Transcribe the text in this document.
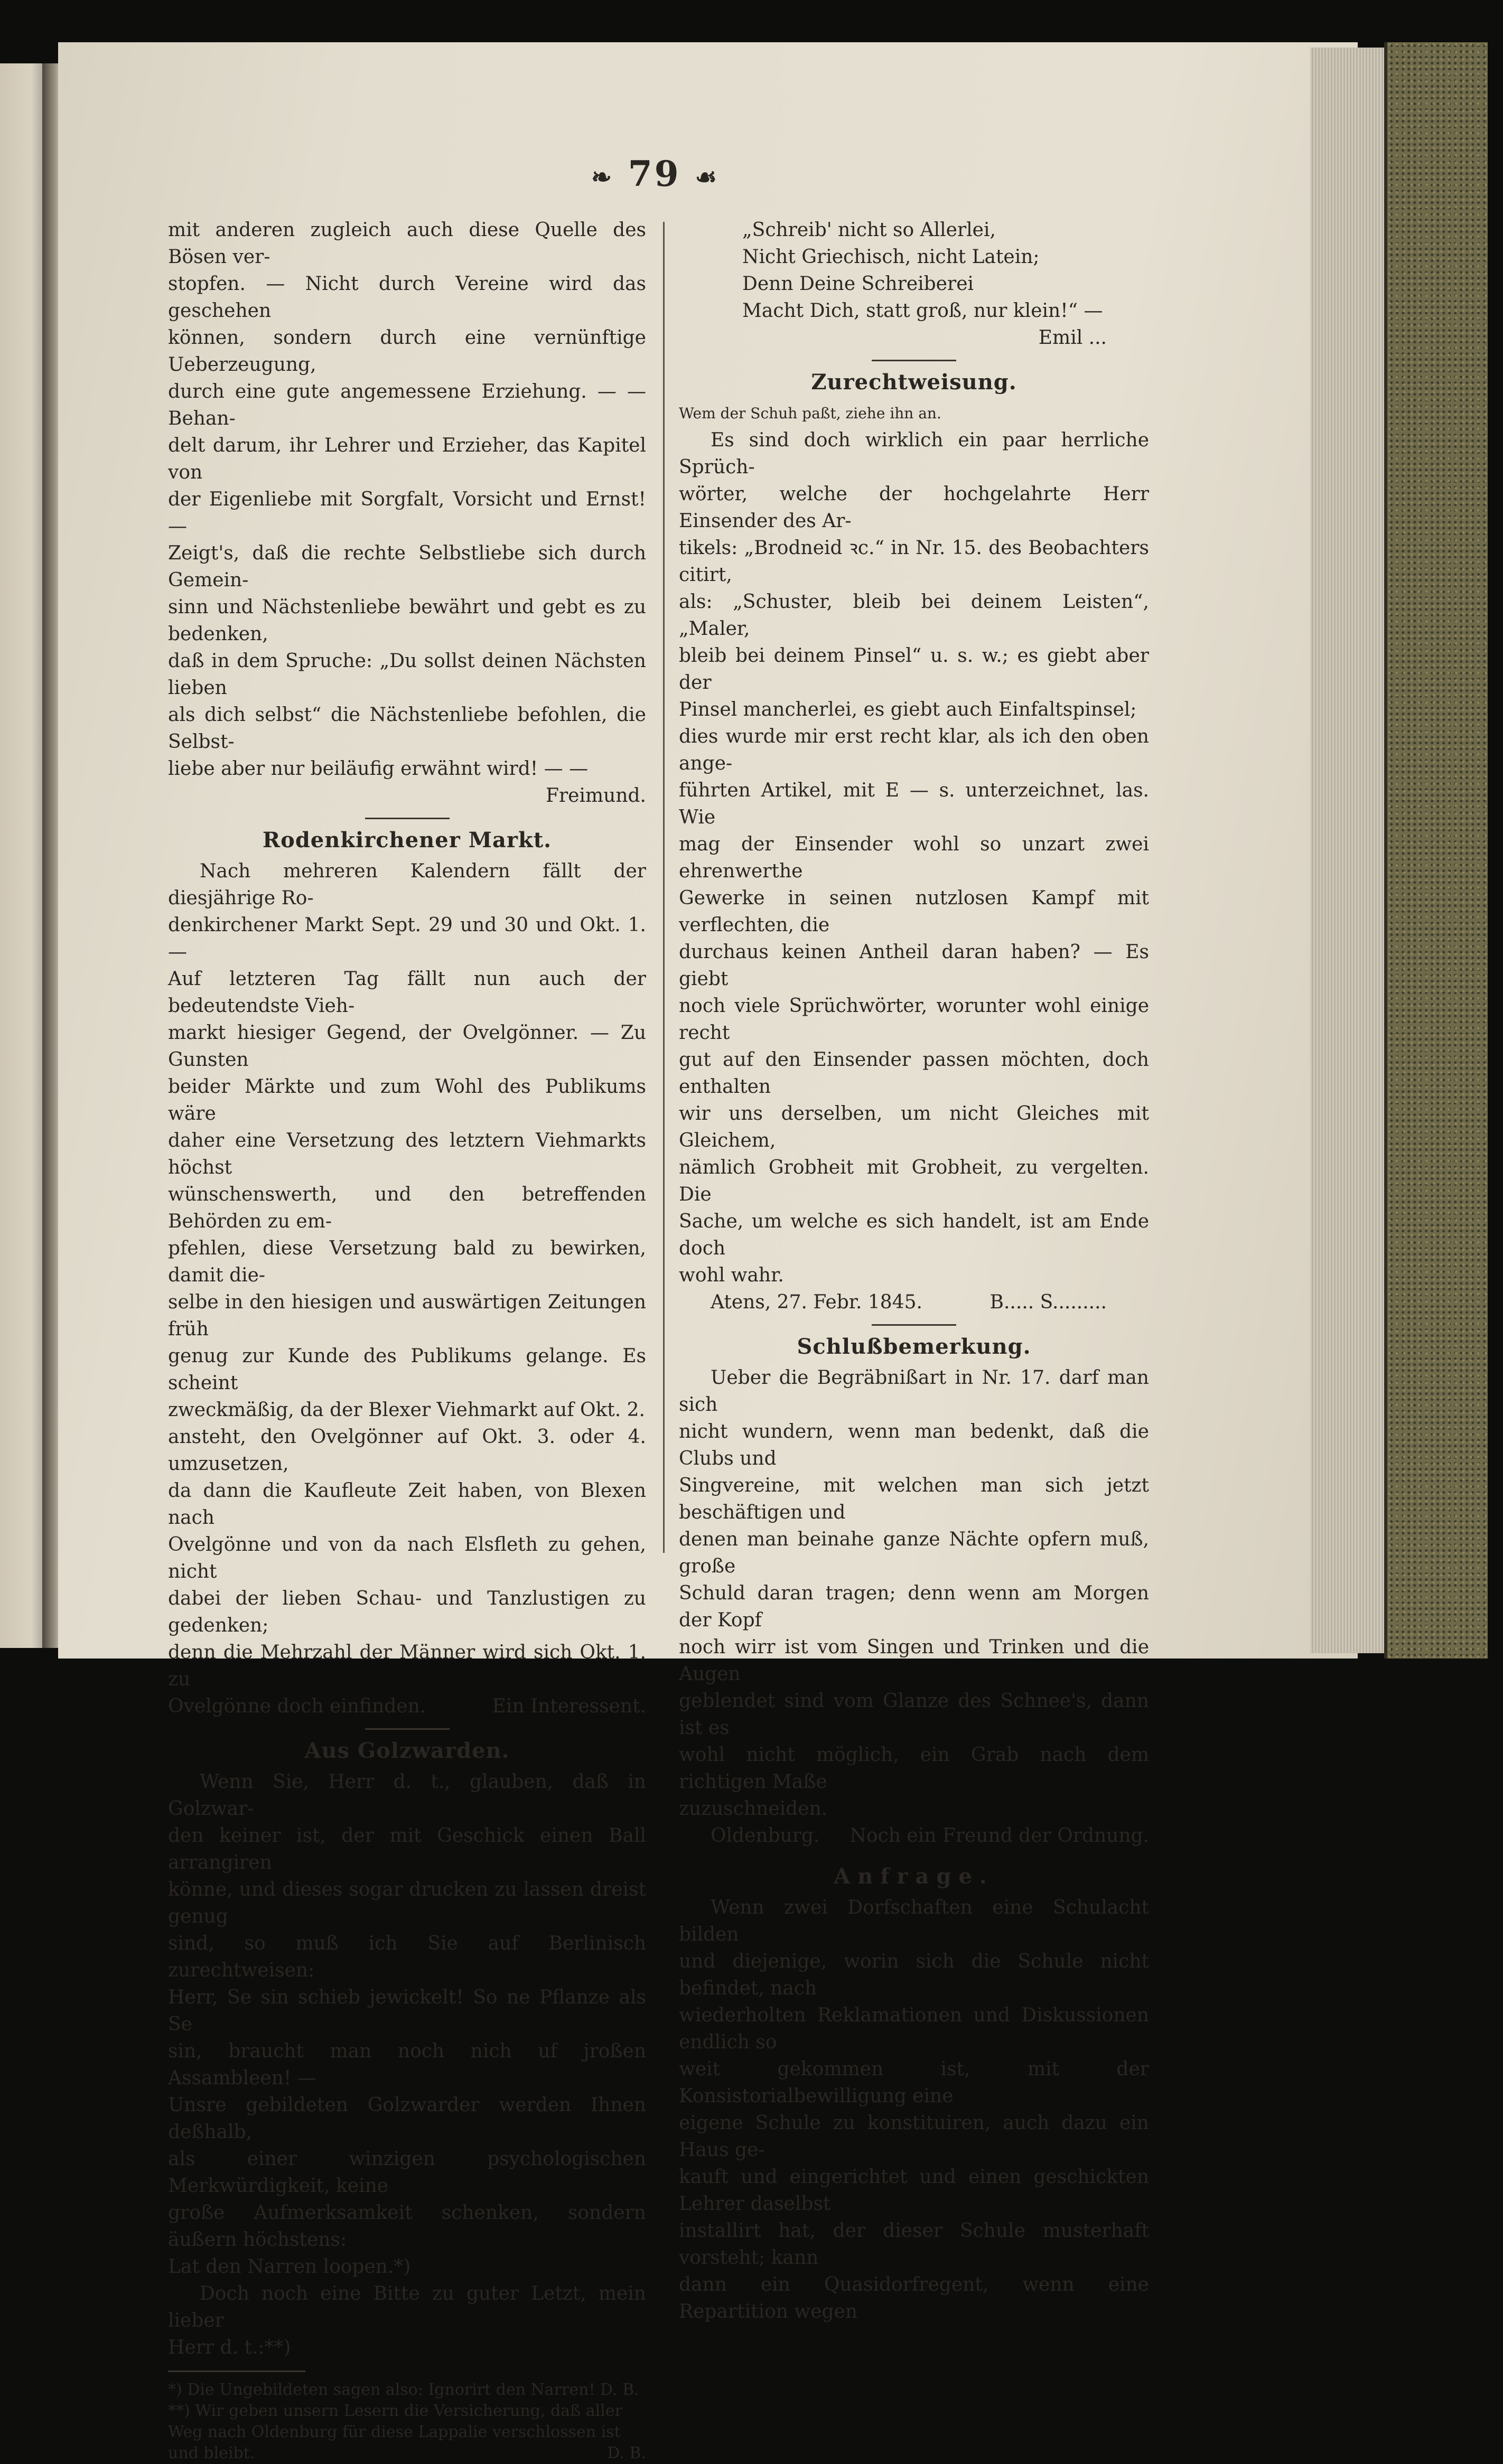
❧ 79 ☙

mit anderen zugleich auch diese Quelle des Bösen ver-

stopfen. — Nicht durch Vereine wird das geschehen

können, sondern durch eine vernünftige Ueberzeugung,

durch eine gute angemessene Erziehung. — — Behan-

delt darum, ihr Lehrer und Erzieher, das Kapitel von

der Eigenliebe mit Sorgfalt, Vorsicht und Ernst! —

Zeigt's, daß die rechte Selbstliebe sich durch Gemein-

sinn und Nächstenliebe bewährt und gebt es zu bedenken,

daß in dem Spruche: „Du sollst deinen Nächsten lieben

als dich selbst“ die Nächstenliebe befohlen, die Selbst-

liebe aber nur beiläufig erwähnt wird! — —

Freimund.

Rodenkirchener Markt.

Nach mehreren Kalendern fällt der diesjährige Ro-

denkirchener Markt Sept. 29 und 30 und Okt. 1. —

Auf letzteren Tag fällt nun auch der bedeutendste Vieh-

markt hiesiger Gegend, der Ovelgönner. — Zu Gunsten

beider Märkte und zum Wohl des Publikums wäre

daher eine Versetzung des letztern Viehmarkts höchst

wünschenswerth, und den betreffenden Behörden zu em-

pfehlen, diese Versetzung bald zu bewirken, damit die-

selbe in den hiesigen und auswärtigen Zeitungen früh

genug zur Kunde des Publikums gelange. Es scheint

zweckmäßig, da der Blexer Viehmarkt auf Okt. 2.

ansteht, den Ovelgönner auf Okt. 3. oder 4. umzusetzen,

da dann die Kaufleute Zeit haben, von Blexen nach

Ovelgönne und von da nach Elsfleth zu gehen, nicht

dabei der lieben Schau- und Tanzlustigen zu gedenken;

denn die Mehrzahl der Männer wird sich Okt. 1. zu

Ovelgönne doch einfinden.	Ein Interessent.
Aus Golzwarden.

Wenn Sie, Herr d. t., glauben, daß in Golzwar-

den keiner ist, der mit Geschick einen Ball arrangiren

könne, und dieses sogar drucken zu lassen dreist genug

sind, so muß ich Sie auf Berlinisch zurechtweisen:

Herr, Se sin schieb jewickelt! So ne Pflanze als Se

sin, braucht man noch nich uf jroßen Assambleen! —

Unsre gebildeten Golzwarder werden Ihnen deßhalb,

als einer winzigen psychologischen Merkwürdigkeit, keine

große Aufmerksamkeit schenken, sondern äußern höchstens:

Lat den Narren loopen.*)

Doch noch eine Bitte zu guter Letzt, mein lieber

Herr d. t.:**)

*) Die Ungebildeten sagen also: Ignorirt den Narren! D. B.

**) Wir geben unsern Lesern die Versicherung, daß aller

Weg nach Oldenburg für diese Lappalie verschlossen ist

und bleibt.	D. B.

„Schreib' nicht so Allerlei,

Nicht Griechisch, nicht Latein;

Denn Deine Schreiberei

Macht Dich, statt groß, nur klein!“ —

Emil ...

Zurechtweisung.

Wem der Schuh paßt, ziehe ihn an.

Es sind doch wirklich ein paar herrliche Sprüch-

wörter, welche der hochgelahrte Herr Einsender des Ar-

tikels: „Brodneid ꝛc.“ in Nr. 15. des Beobachters citirt,

als: „Schuster, bleib bei deinem Leisten“, „Maler,

bleib bei deinem Pinsel“ u. s. w.; es giebt aber der

Pinsel mancherlei, es giebt auch Einfaltspinsel;

dies wurde mir erst recht klar, als ich den oben ange-

führten Artikel, mit E — s. unterzeichnet, las. Wie

mag der Einsender wohl so unzart zwei ehrenwerthe

Gewerke in seinen nutzlosen Kampf mit verflechten, die

durchaus keinen Antheil daran haben? — Es giebt

noch viele Sprüchwörter, worunter wohl einige recht

gut auf den Einsender passen möchten, doch enthalten

wir uns derselben, um nicht Gleiches mit Gleichem,

nämlich Grobheit mit Grobheit, zu vergelten. Die

Sache, um welche es sich handelt, ist am Ende doch

wohl wahr.

Atens, 27. Febr. 1845.	B..... S.........
Schlußbemerkung.

Ueber die Begräbnißart in Nr. 17. darf man sich

nicht wundern, wenn man bedenkt, daß die Clubs und

Singvereine, mit welchen man sich jetzt beschäftigen und

denen man beinahe ganze Nächte opfern muß, große

Schuld daran tragen; denn wenn am Morgen der Kopf

noch wirr ist vom Singen und Trinken und die Augen

geblendet sind vom Glanze des Schnee's, dann ist es

wohl nicht möglich, ein Grab nach dem richtigen Maße

zuzuschneiden.

Oldenburg. Noch ein Freund der Ordnung.
Anfrage.

Wenn zwei Dorfschaften eine Schulacht bilden

und diejenige, worin sich die Schule nicht befindet, nach

wiederholten Reklamationen und Diskussionen endlich so

weit gekommen ist, mit der Konsistorialbewilligung eine

eigene Schule zu konstituiren, auch dazu ein Haus ge-

kauft und eingerichtet und einen geschickten Lehrer daselbst

installirt hat, der dieser Schule musterhaft vorsteht; kann

dann ein Quasidorfregent, wenn eine Repartition wegen
